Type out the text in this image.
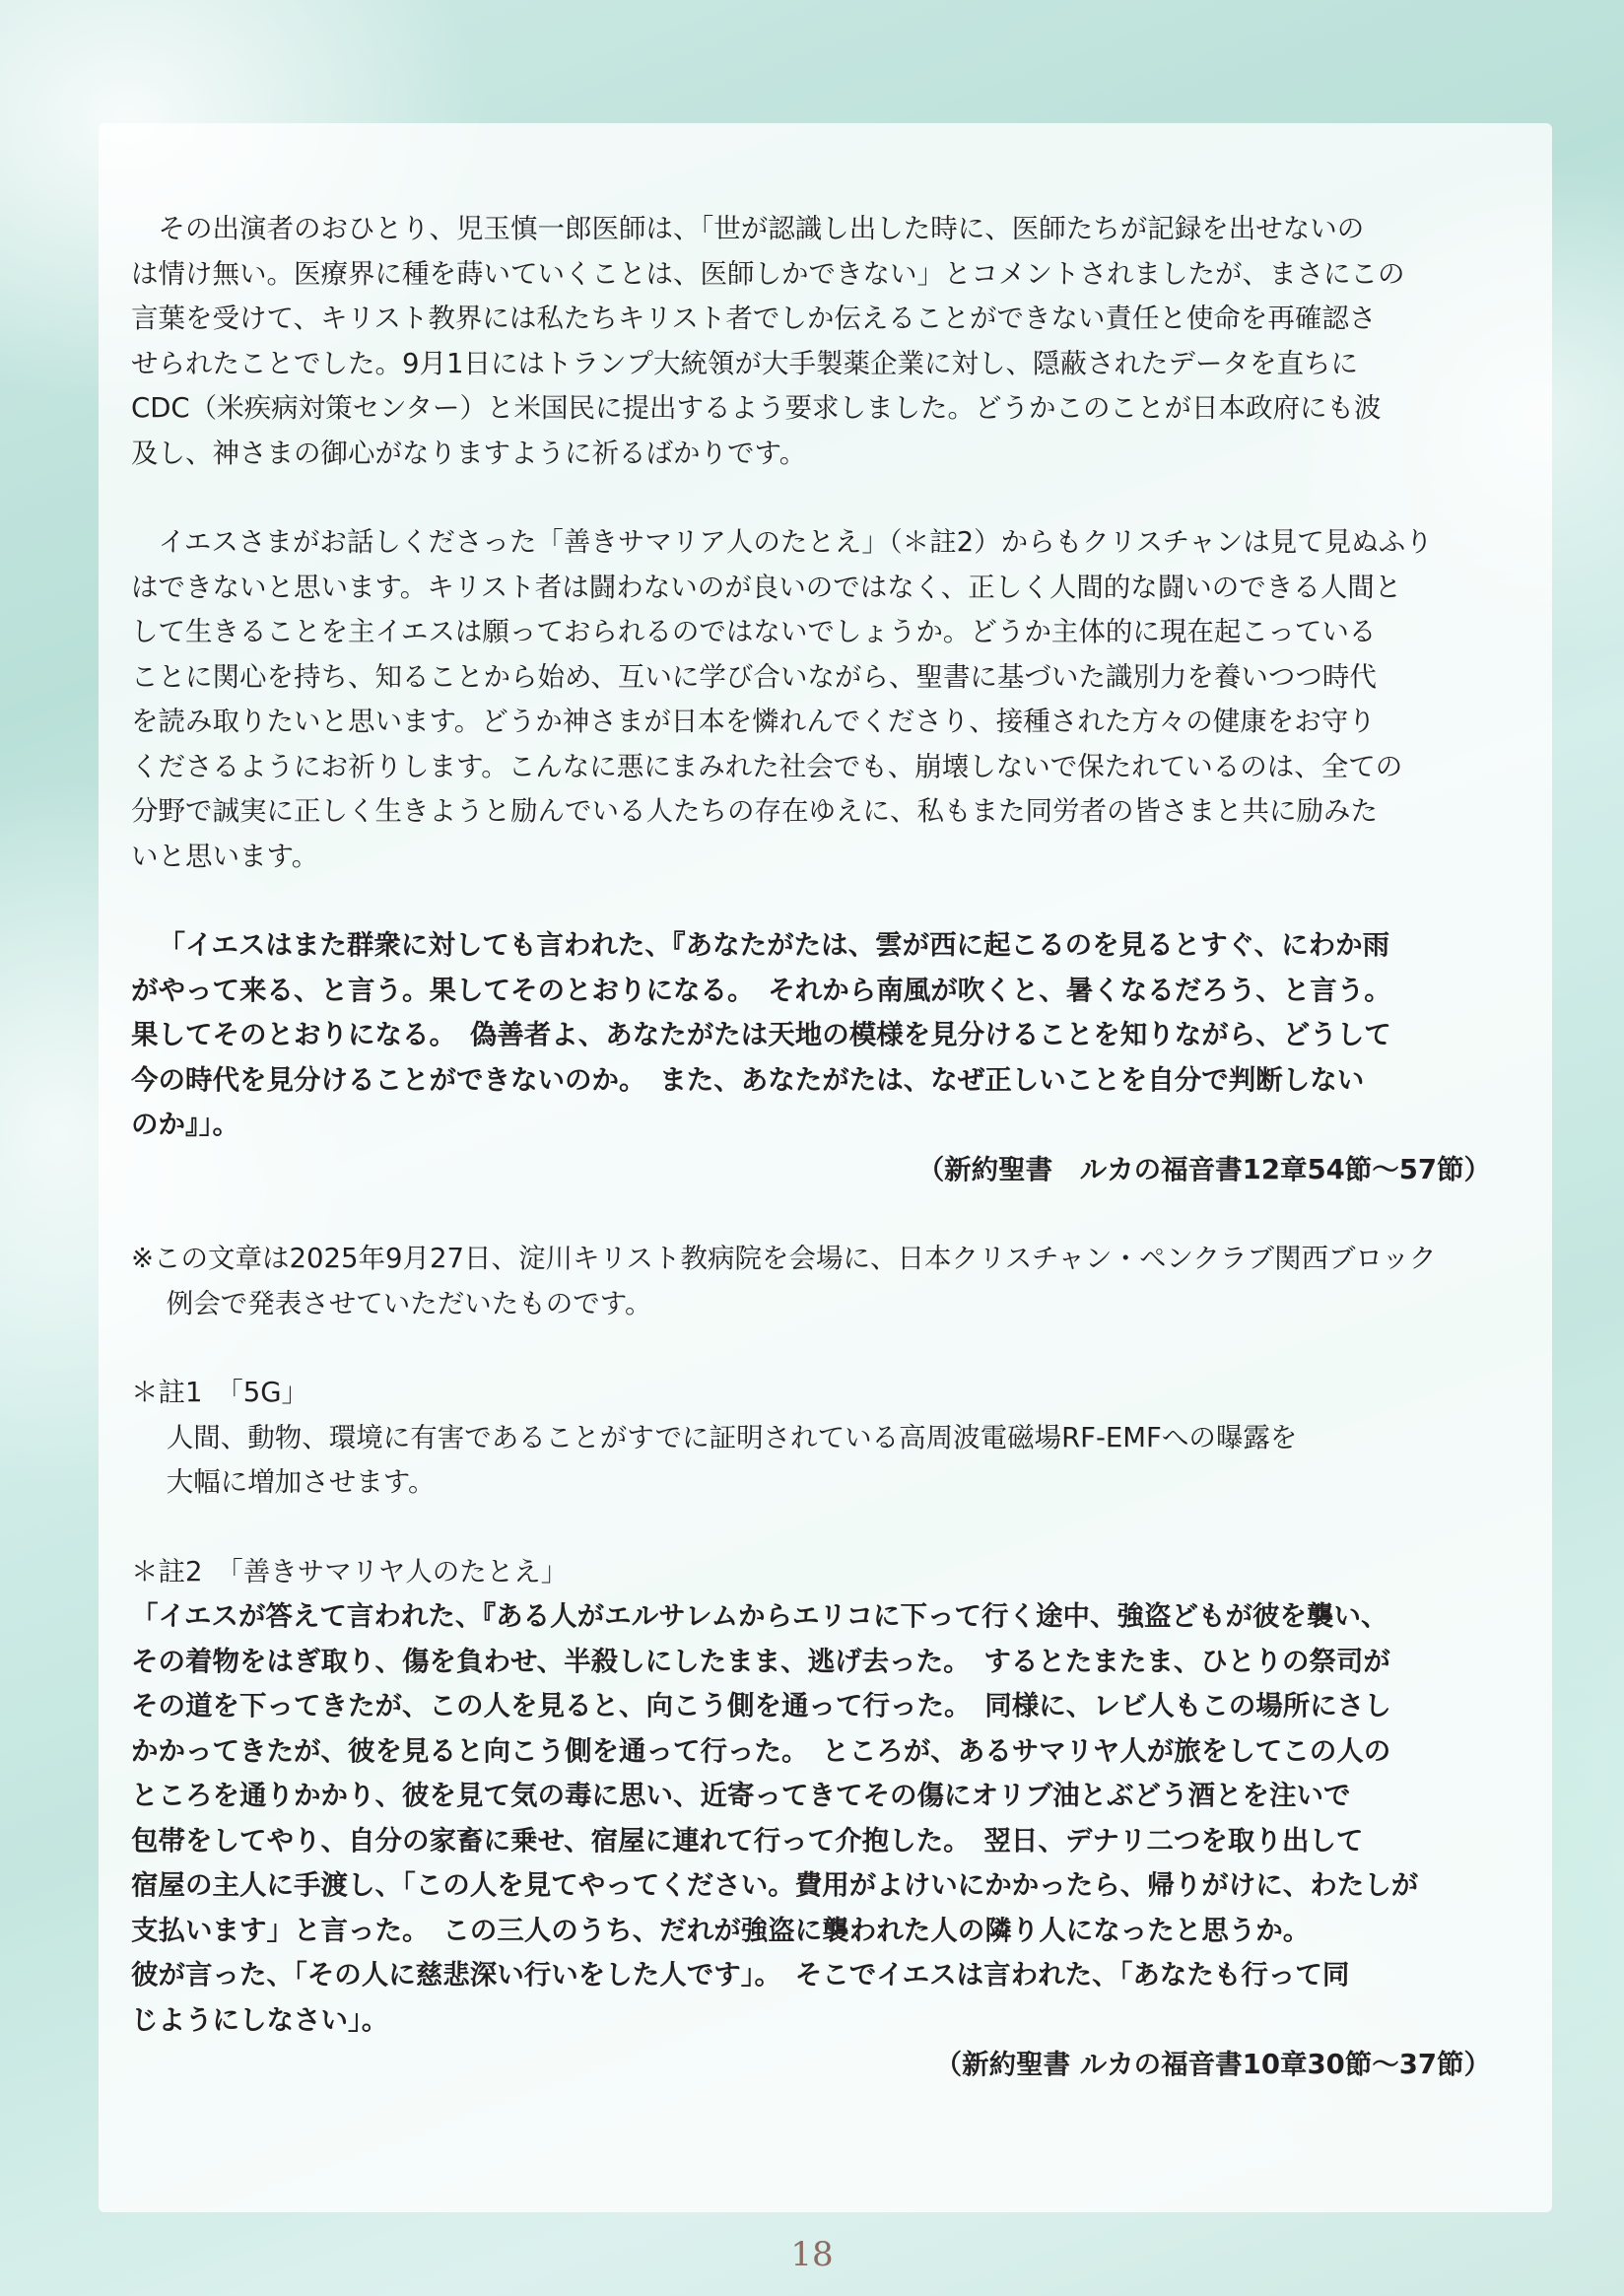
その出演者のおひとり、児玉慎一郎医師は、「世が認識し出した時に、医師たちが記録を出せないの
は情け無い。医療界に種を蒔いていくことは、医師しかできない」とコメントされましたが、まさにこの
言葉を受けて、キリスト教界には私たちキリスト者でしか伝えることができない責任と使命を再確認さ
せられたことでした。9月1日にはトランプ大統領が大手製薬企業に対し、隠蔽されたデータを直ちに
CDC（米疾病対策センター）と米国民に提出するよう要求しました。どうかこのことが日本政府にも波
及し、神さまの御心がなりますように祈るばかりです。
イエスさまがお話しくださった「善きサマリア人のたとえ」（＊註2）からもクリスチャンは見て見ぬふり
はできないと思います。キリスト者は闘わないのが良いのではなく、正しく人間的な闘いのできる人間と
して生きることを主イエスは願っておられるのではないでしょうか。どうか主体的に現在起こっている
ことに関心を持ち、知ることから始め、互いに学び合いながら、聖書に基づいた識別力を養いつつ時代
を読み取りたいと思います。どうか神さまが日本を憐れんでくださり、接種された方々の健康をお守り
くださるようにお祈りします。こんなに悪にまみれた社会でも、崩壊しないで保たれているのは、全ての
分野で誠実に正しく生きようと励んでいる人たちの存在ゆえに、私もまた同労者の皆さまと共に励みた
いと思います。
「イエスはまた群衆に対しても言われた、『あなたがたは、雲が西に起こるのを見るとすぐ、にわか雨
がやって来る、と言う。果してそのとおりになる。　それから南風が吹くと、暑くなるだろう、と言う。
果してそのとおりになる。　偽善者よ、あなたがたは天地の模様を見分けることを知りながら、どうして
今の時代を見分けることができないのか。　また、あなたがたは、なぜ正しいことを自分で判断しない
のか』」。
（新約聖書　ルカの福音書12章54節～57節）
※この文章は2025年9月27日、淀川キリスト教病院を会場に、日本クリスチャン・ペンクラブ関西ブロック
例会で発表させていただいたものです。
＊註1　「5G」
人間、動物、環境に有害であることがすでに証明されている高周波電磁場RF-EMFへの曝露を
大幅に増加させます。
＊註2　「善きサマリヤ人のたとえ」
「イエスが答えて言われた、『ある人がエルサレムからエリコに下って行く途中、強盗どもが彼を襲い、
その着物をはぎ取り、傷を負わせ、半殺しにしたまま、逃げ去った。　するとたまたま、ひとりの祭司が
その道を下ってきたが、この人を見ると、向こう側を通って行った。　同様に、レビ人もこの場所にさし
かかってきたが、彼を見ると向こう側を通って行った。　ところが、あるサマリヤ人が旅をしてこの人の
ところを通りかかり、彼を見て気の毒に思い、近寄ってきてその傷にオリブ油とぶどう酒とを注いで
包帯をしてやり、自分の家畜に乗せ、宿屋に連れて行って介抱した。　翌日、デナリ二つを取り出して
宿屋の主人に手渡し、「この人を見てやってください。費用がよけいにかかったら、帰りがけに、わたしが
支払います」と言った。　この三人のうち、だれが強盗に襲われた人の隣り人になったと思うか。
彼が言った、「その人に慈悲深い行いをした人です」。　そこでイエスは言われた、「あなたも行って同
じようにしなさい」。
（新約聖書 ルカの福音書10章30節～37節）
18
